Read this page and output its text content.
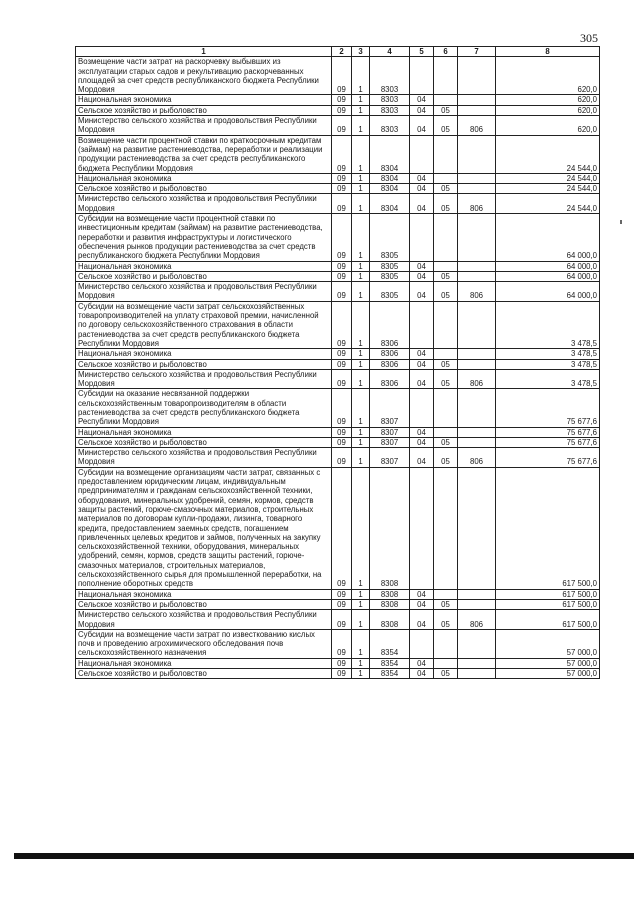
305
1	2	3	4	5	6	7	8
Возмещение части затрат на раскорчевку выбывших из эксплуатации старых садов и рекультивацию раскорчеванных площадей за счет средств республиканского бюджета Республики Мордовия	09	1	8303				620,0
Национальная экономика	09	1	8303	04			620,0
Сельское хозяйство и рыболовство	09	1	8303	04	05		620,0
Министерство сельского хозяйства и продовольствия Республики Мордовия	09	1	8303	04	05	806	620,0
Возмещение части процентной ставки по краткосрочным кредитам (займам) на развитие растениеводства, переработки и реализации продукции растениеводства за счет средств республиканского бюджета Республики Мордовия	09	1	8304				24 544,0
Национальная экономика	09	1	8304	04			24 544,0
Сельское хозяйство и рыболовство	09	1	8304	04	05		24 544,0
Министерство сельского хозяйства и продовольствия Республики Мордовия	09	1	8304	04	05	806	24 544,0
Субсидии на возмещение части процентной ставки по инвестиционным кредитам (займам) на развитие растениеводства, переработки и развития инфраструктуры и логистического обеспечения рынков продукции растениеводства за счет средств республиканского бюджета Республики Мордовия	09	1	8305				64 000,0
Национальная экономика	09	1	8305	04			64 000,0
Сельское хозяйство и рыболовство	09	1	8305	04	05		64 000,0
Министерство сельского хозяйства и продовольствия Республики Мордовия	09	1	8305	04	05	806	64 000,0
Субсидии на возмещение части затрат сельскохозяйственных товаропроизводителей на уплату страховой премии, начисленной по договору сельскохозяйственного страхования в области растениеводства за счет средств республиканского бюджета Республики Мордовия	09	1	8306				3 478,5
Национальная экономика	09	1	8306	04			3 478,5
Сельское хозяйство и рыболовство	09	1	8306	04	05		3 478,5
Министерство сельского хозяйства и продовольствия Республики Мордовия	09	1	8306	04	05	806	3 478,5
Субсидии на оказание несвязанной поддержки сельскохозяйственным товаропроизводителям в области растениеводства за счет средств республиканского бюджета Республики Мордовия	09	1	8307				75 677,6
Национальная экономика	09	1	8307	04			75 677,6
Сельское хозяйство и рыболовство	09	1	8307	04	05		75 677,6
Министерство сельского хозяйства и продовольствия Республики Мордовия	09	1	8307	04	05	806	75 677,6
Субсидии на возмещение организациям части затрат, связанных с предоставлением юридическим лицам, индивидуальным предпринимателям и гражданам сельскохозяйственной техники, оборудования, минеральных удобрений, семян, кормов, средств защиты растений, горюче-смазочных материалов, строительных материалов по договорам купли-продажи, лизинга, товарного кредита, предоставлением заемных средств, погашением привлеченных целевых кредитов и займов, полученных на закупку сельскохозяйственной техники, оборудования, минеральных удобрений, семян, кормов, средств защиты растений, горюче-смазочных материалов, строительных материалов, сельскохозяйственного сырья для промышленной переработки, на пополнение оборотных средств	09	1	8308				617 500,0
Национальная экономика	09	1	8308	04			617 500,0
Сельское хозяйство и рыболовство	09	1	8308	04	05		617 500,0
Министерство сельского хозяйства и продовольствия Республики Мордовия	09	1	8308	04	05	806	617 500,0
Субсидии на возмещение части затрат по известкованию кислых почв и проведению агрохимического обследования почв сельскохозяйственного назначения	09	1	8354				57 000,0
Национальная экономика	09	1	8354	04			57 000,0
Сельское хозяйство и рыболовство	09	1	8354	04	05		57 000,0
